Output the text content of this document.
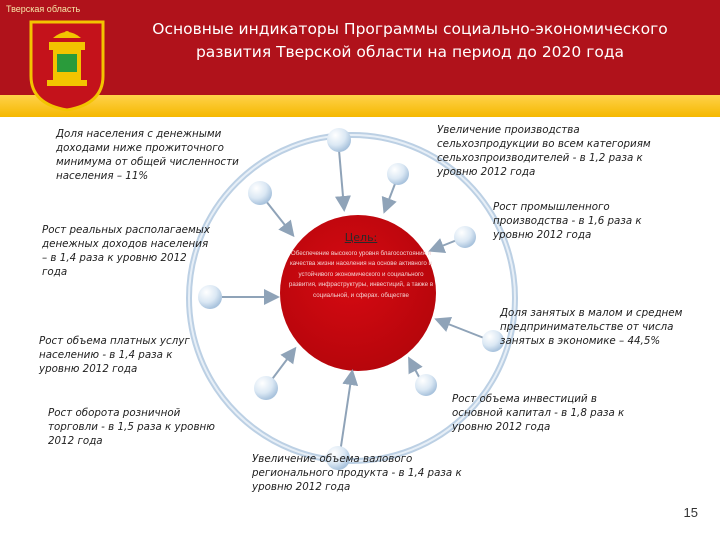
Тверская область
Основные индикаторы Программы социально-экономического развития Тверской области на период до 2020 года
Цель:
Обеспечение высокого уровня благосостояния и качества жизни населения на основе активного и устойчивого экономического и социального развития, инфраструктуры, инвестиций, а также в социальной, и сферах. обществе
Доля населения с денежными доходами ниже прожиточного минимума от общей численности населения – 11%
Увеличение производства сельхозпродукции во всем категориям сельхозпроизводителей - в 1,2 раза к уровню 2012 года
Рост реальных располагаемых денежных доходов населения – в 1,4 раза к уровню 2012 года
Рост промышленного производства - в 1,6 раза к уровню 2012 года
Доля занятых в малом и среднем предпринимательстве от числа занятых в экономике – 44,5%
Рост объема платных услуг населению - в 1,4 раза к уровню 2012 года
Рост объема инвестиций в основной капитал - в 1,8 раза к уровню 2012 года
Рост оборота розничной торговли - в 1,5 раза к уровню 2012 года
Увеличение объема валового регионального продукта - в 1,4 раза к уровню 2012 года
15
